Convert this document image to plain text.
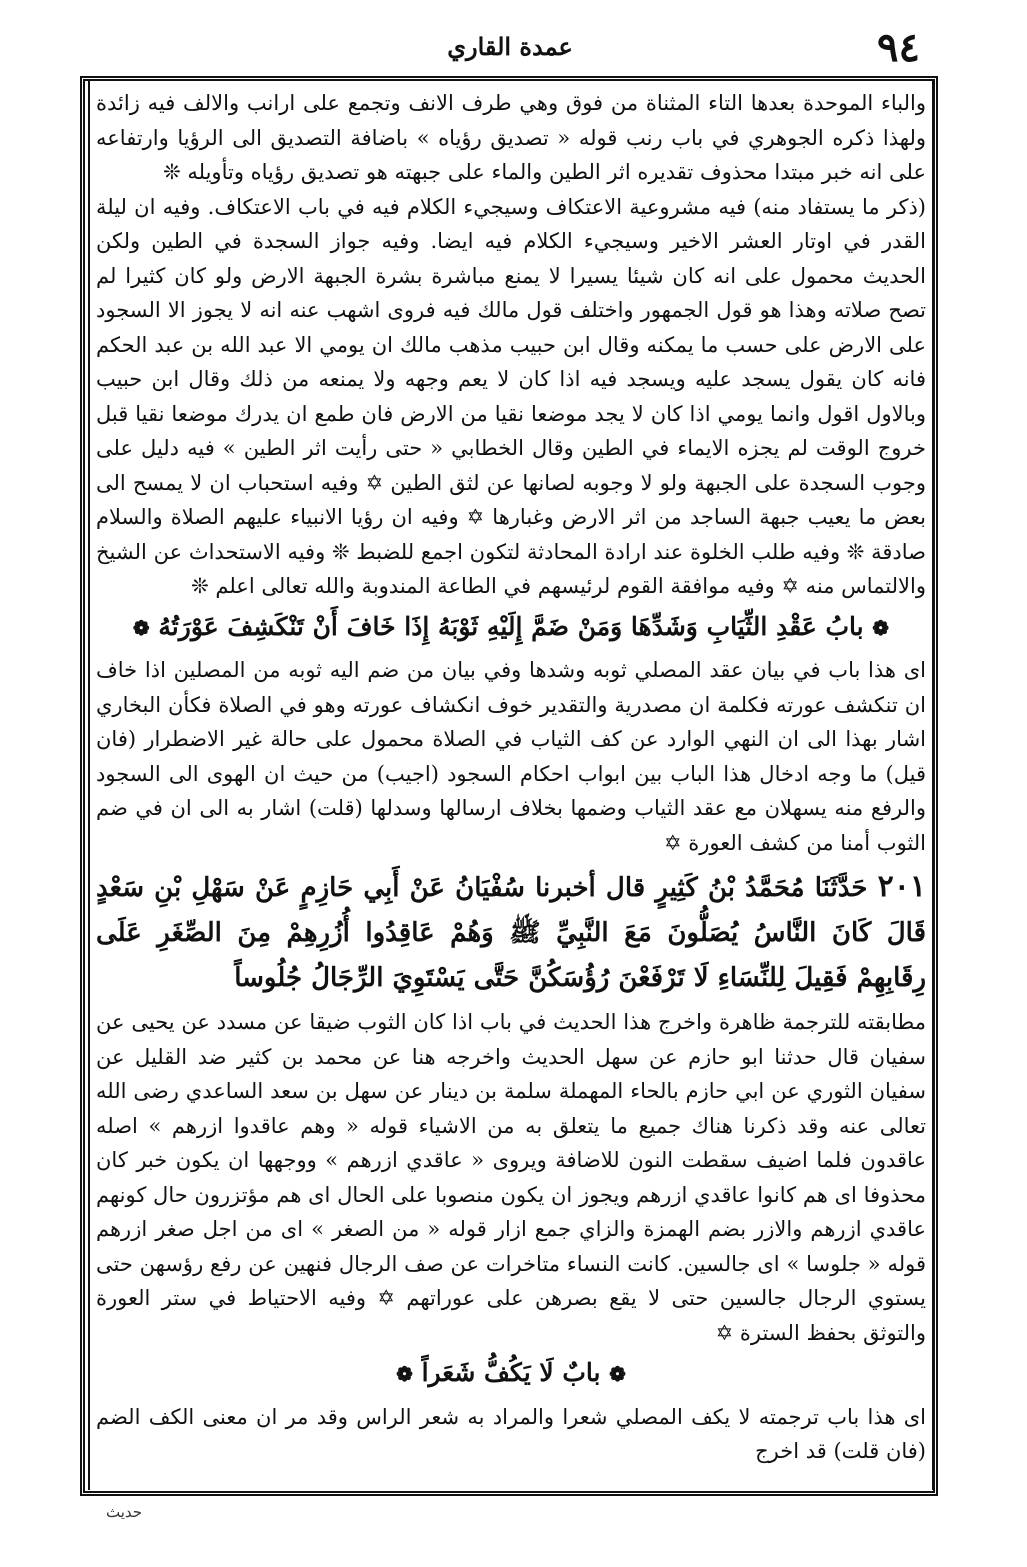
٩٤
عمدة القاري

والباء الموحدة بعدها التاء المثناة من فوق وهي طرف الانف وتجمع على ارانب والالف فيه زائدة ولهذا ذكره الجوهري في باب رنب قوله « تصديق رؤياه » باضافة التصديق الى الرؤيا وارتفاعه على انه خبر مبتدا محذوف تقديره اثر الطين والماء على جبهته هو تصديق رؤياه وتأويله ❊

(ذكر ما يستفاد منه) فيه مشروعية الاعتكاف وسيجيء الكلام فيه في باب الاعتكاف. وفيه ان ليلة القدر في اوتار العشر الاخير وسيجيء الكلام فيه ايضا. وفيه جواز السجدة في الطين ولكن الحديث محمول على انه كان شيئا يسيرا لا يمنع مباشرة بشرة الجبهة الارض ولو كان كثيرا لم تصح صلاته وهذا هو قول الجمهور واختلف قول مالك فيه فروى اشهب عنه انه لا يجوز الا السجود على الارض على حسب ما يمكنه وقال ابن حبيب مذهب مالك ان يومي الا عبد الله بن عبد الحكم فانه كان يقول يسجد عليه ويسجد فيه اذا كان لا يعم وجهه ولا يمنعه من ذلك وقال ابن حبيب وبالاول اقول وانما يومي اذا كان لا يجد موضعا نقيا من الارض فان طمع ان يدرك موضعا نقيا قبل خروج الوقت لم يجزه الايماء في الطين وقال الخطابي « حتى رأيت اثر الطين » فيه دليل على وجوب السجدة على الجبهة ولو لا وجوبه لصانها عن لثق الطين ✡ وفيه استحباب ان لا يمسح الى بعض ما يعيب جبهة الساجد من اثر الارض وغبارها ✡ وفيه ان رؤيا الانبياء عليهم الصلاة والسلام صادقة ❊ وفيه طلب الخلوة عند ارادة المحادثة لتكون اجمع للضبط ❊ وفيه الاستحداث عن الشيخ والالتماس منه ✡ وفيه موافقة القوم لرئيسهم في الطاعة المندوبة والله تعالى اعلم ❊

❁ بابُ عَقْدِ الثِّيَابِ وَشَدِّهَا وَمَنْ ضَمَّ إِلَيْهِ ثَوْبَهُ إِذَا خَافَ أَنْ تَنْكَشِفَ عَوْرَتُهُ ❁

اى هذا باب في بيان عقد المصلي ثوبه وشدها وفي بيان من ضم اليه ثوبه من المصلين اذا خاف ان تنكشف عورته فكلمة ان مصدرية والتقدير خوف انكشاف عورته وهو في الصلاة فكأن البخاري اشار بهذا الى ان النهي الوارد عن كف الثياب في الصلاة محمول على حالة غير الاضطرار (فان قيل) ما وجه ادخال هذا الباب بين ابواب احكام السجود (اجيب) من حيث ان الهوى الى السجود والرفع منه يسهلان مع عقد الثياب وضمها بخلاف ارسالها وسدلها (قلت) اشار به الى ان في ضم الثوب أمنا من كشف العورة ✡

٢٠١ حَدَّثَنَا مُحَمَّدُ بْنُ كَثِيرٍ قال أخبرنا سُفْيَانُ عَنْ أَبِي حَازِمٍ عَنْ سَهْلِ بْنِ سَعْدٍ قَالَ كَانَ النَّاسُ يُصَلُّونَ مَعَ النَّبِيِّ ﷺ وَهُمْ عَاقِدُوا أُزُرِهِمْ مِنَ الصِّغَرِ عَلَى رِقَابِهِمْ فَقِيلَ لِلنِّسَاءِ لَا تَرْفَعْنَ رُؤُسَكُنَّ حَتَّى يَسْتَوِيَ الرِّجَالُ جُلُوساً

مطابقته للترجمة ظاهرة واخرج هذا الحديث في باب اذا كان الثوب ضيقا عن مسدد عن يحيى عن سفيان قال حدثنا ابو حازم عن سهل الحديث واخرجه هنا عن محمد بن كثير ضد القليل عن سفيان الثوري عن ابي حازم بالحاء المهملة سلمة بن دينار عن سهل بن سعد الساعدي رضى الله تعالى عنه وقد ذكرنا هناك جميع ما يتعلق به من الاشياء قوله « وهم عاقدوا ازرهم » اصله عاقدون فلما اضيف سقطت النون للاضافة ويروى « عاقدي ازرهم » ووجهها ان يكون خبر كان محذوفا اى هم كانوا عاقدي ازرهم ويجوز ان يكون منصوبا على الحال اى هم مؤتزرون حال كونهم عاقدي ازرهم والازر بضم الهمزة والزاي جمع ازار قوله « من الصغر » اى من اجل صغر ازرهم قوله « جلوسا » اى جالسين. كانت النساء متاخرات عن صف الرجال فنهين عن رفع رؤسهن حتى يستوي الرجال جالسين حتى لا يقع بصرهن على عوراتهم ✡ وفيه الاحتياط في ستر العورة والتوثق بحفظ السترة ✡

❁ بابٌ لَا يَكُفُّ شَعَراً ❁

اى هذا باب ترجمته لا يكف المصلي شعرا والمراد به شعر الراس وقد مر ان معنى الكف الضم (فان قلت) قد اخرج

حديث
